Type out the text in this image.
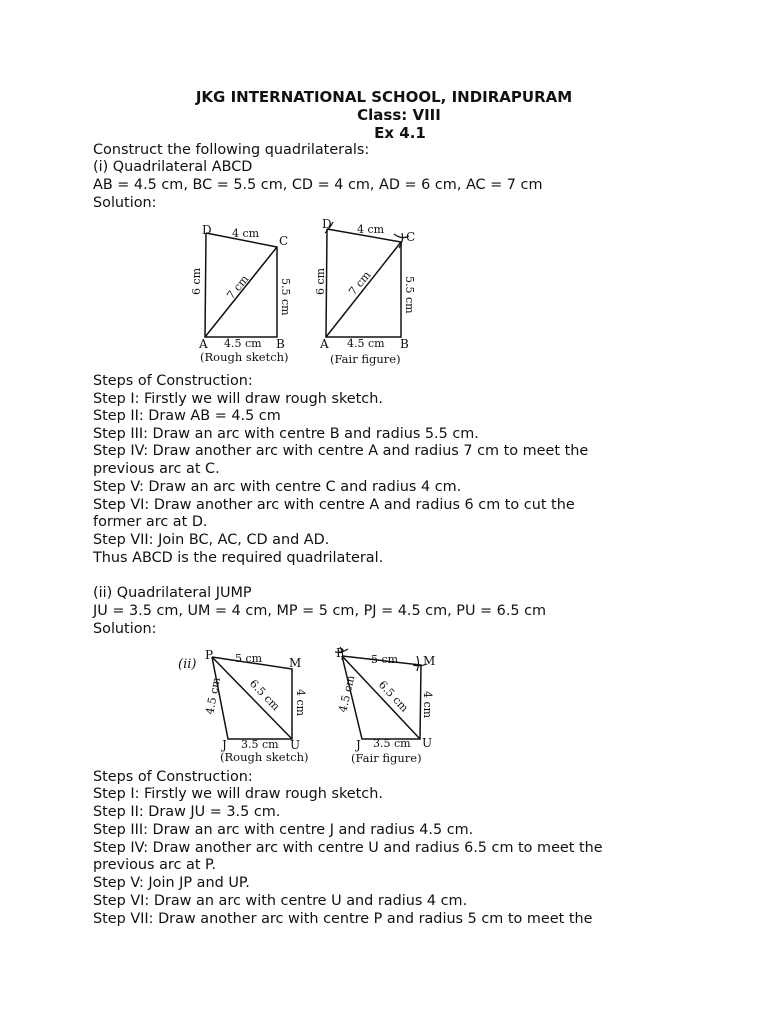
JKG INTERNATIONAL SCHOOL, INDIRAPURAM
Class: VIII
Ex 4.1
Construct the following quadrilaterals:
(i) Quadrilateral ABCD
AB = 4.5 cm, BC = 5.5 cm, CD = 4 cm, AD = 6 cm, AC = 7 cm
Solution:
D
C
A	B
4 cm
4.5 cm
6 cm	5.5 cm
7 cm
(Rough sketch)
D
C
A	B
4 cm
4.5 cm
6 cm	5.5 cm
7 cm
(Fair figure)
Steps of Construction:
Step I: Firstly we will draw rough sketch.
Step II: Draw AB = 4.5 cm
Step III: Draw an arc with centre B and radius 5.5 cm.
Step IV: Draw another arc with centre A and radius 7 cm to meet the
previous arc at C.
Step V: Draw an arc with centre C and radius 4 cm.
Step VI: Draw another arc with centre A and radius 6 cm to cut the
former arc at D.
Step VII: Join BC, AC, CD and AD.
Thus ABCD is the required quadrilateral.
(ii) Quadrilateral JUMP
JU = 3.5 cm, UM = 4 cm, MP = 5 cm, PJ = 4.5 cm, PU = 6.5 cm
Solution:
(ii)
P
M
J	U
5 cm
3.5 cm
4.5 cm	4 cm
6.5 cm
(Rough sketch)
P
M
J	U
5 cm
3.5 cm
4.5 cm	4 cm
6.5 cm
(Fair figure)
Steps of Construction:
Step I: Firstly we will draw rough sketch.
Step II: Draw JU = 3.5 cm.
Step III: Draw an arc with centre J and radius 4.5 cm.
Step IV: Draw another arc with centre U and radius 6.5 cm to meet the
previous arc at P.
Step V: Join JP and UP.
Step VI: Draw an arc with centre U and radius 4 cm.
Step VII: Draw another arc with centre P and radius 5 cm to meet the
